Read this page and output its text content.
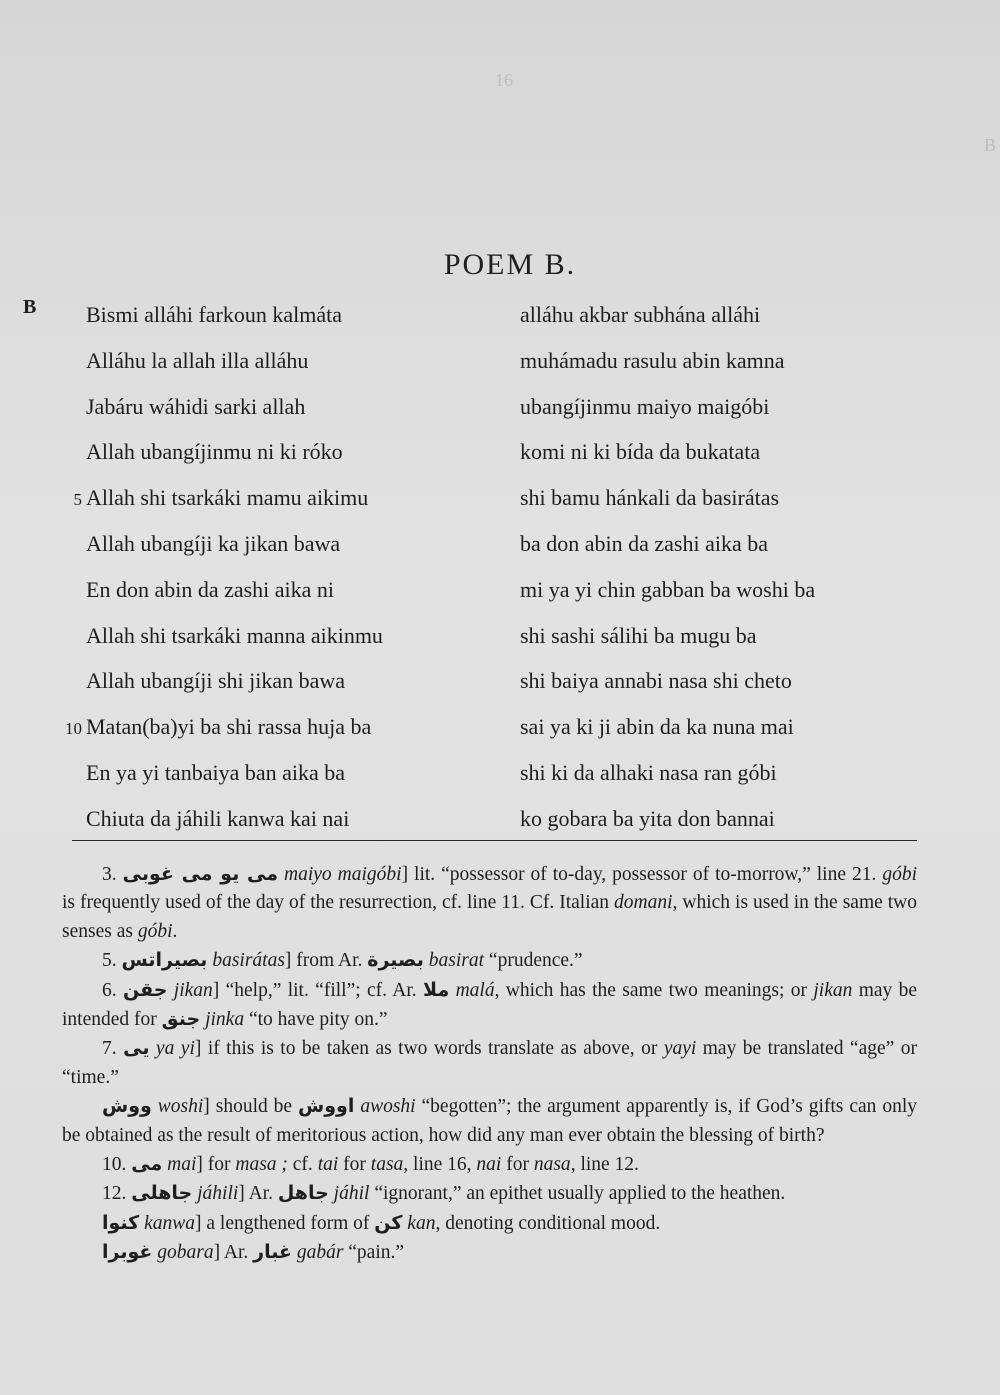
16
B
POEM B.
B	Bismi alláhi farkoun kalmáta
Alláhu la allah illa alláhu
Jabáru wáhidi sarki allah
Allah ubangíjinmu ni ki róko
5 Allah shi tsarkáki mamu aikimu
Allah ubangíji ka jikan bawa
En don abin da zashi aika ni
Allah shi tsarkáki manna aikinmu
Allah ubangíji shi jikan bawa
10 Matan(ba)yi ba shi rassa huja ba
En ya yi tanbaiya ban aika ba
Chiuta da jáhili kanwa kai nai
alláhu akbar subhána alláhi
muhámadu rasulu abin kamna
ubangíjinmu maiyo maigóbi
komi ni ki bída da bukatata
shi bamu hánkali da basirátas
ba don abin da zashi aika ba
mi ya yi chin gabban ba woshi ba
shi sashi sálihi ba mugu ba
shi baiya annabi nasa shi cheto
sai ya ki ji abin da ka nuna mai
shi ki da alhaki nasa ran góbi
ko gobara ba yita don bannai

3. مى يو مى غوبى maiyo maigóbi] lit. “possessor of to-day, possessor of to-morrow,” line 21. góbi is frequently used of the day of the resurrection, cf. line 11. Cf. Italian domani, which is used in the same two senses as góbi.

5. بصيراتس basirátas] from Ar. بصيرة basirat “prudence.”

6. جقن jikan] “help,” lit. “fill”; cf. Ar. ملا malá, which has the same two meanings; or jikan may be intended for جنق jinka “to have pity on.”

7. يى ya yi] if this is to be taken as two words translate as above, or yayi may be translated “age” or “time.”

ووش woshi] should be اووش awoshi “begotten”; the argument apparently is, if God’s gifts can only be obtained as the result of meritorious action, how did any man ever obtain the blessing of birth?

10. مى mai] for masa ; cf. tai for tasa, line 16, nai for nasa, line 12.

12. جاهلى jáhili] Ar. جاهل jáhil “ignorant,” an epithet usually applied to the heathen.

كنوا kanwa] a lengthened form of كن kan, denoting conditional mood.

غوبرا gobara] Ar. غبار gabár “pain.”
